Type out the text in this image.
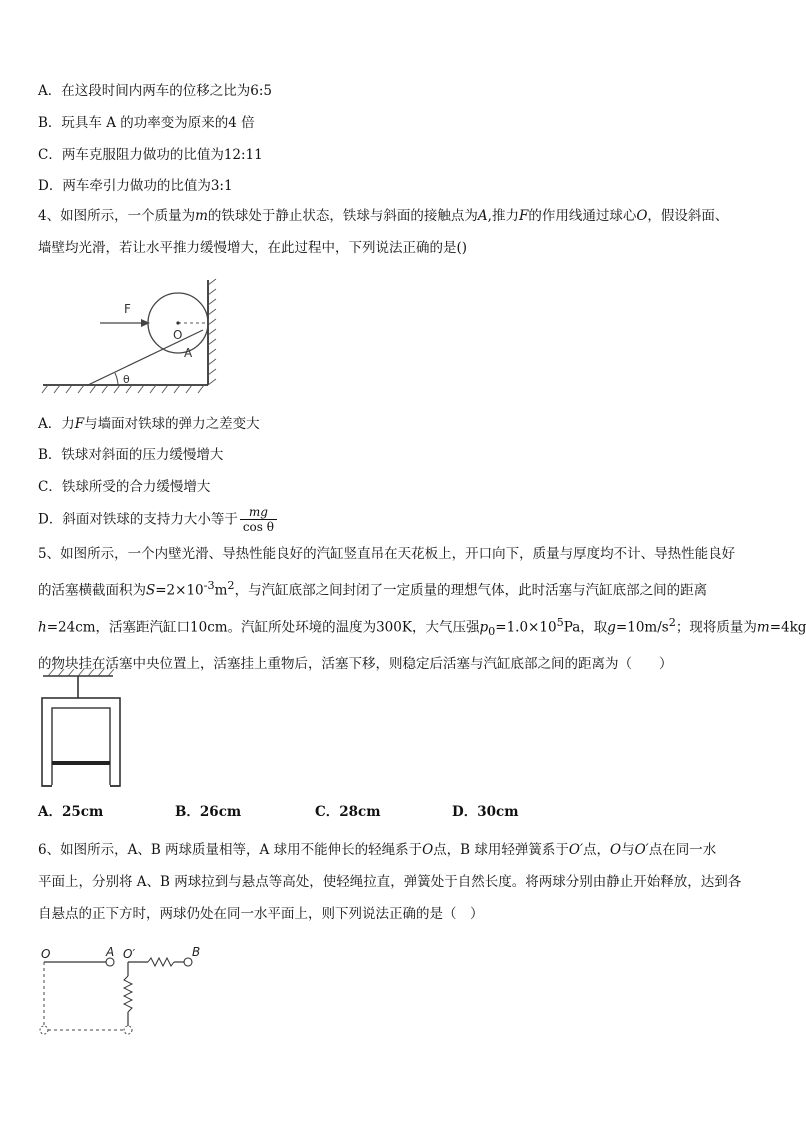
A．在这段时间内两车的位移之比为6:5
B．玩具车 A 的功率变为原来的4 倍
C．两车克服阻力做功的比值为12:11
D．两车牵引力做功的比值为3:1
4、如图所示，一个质量为m的铁球处于静止状态，铁球与斜面的接触点为A,推力F的作用线通过球心O，假设斜面、
墙壁均光滑，若让水平推力缓慢增大，在此过程中，下列说法正确的是()
F
O
A
θ
A．力F与墙面对铁球的弹力之差变大
B．铁球对斜面的压力缓慢增大
C．铁球所受的合力缓慢增大
D．斜面对铁球的支持力大小等于 $\frac{mg}{\text{cos θ}}$
5、如图所示，一个内壁光滑、导热性能良好的汽缸竖直吊在天花板上，开口向下，质量与厚度均不计、导热性能良好
的活塞横截面积为$S=2\times 10^{-3}m^2$，与汽缸底部之间封闭了一定质量的理想气体，此时活塞与汽缸底部之间的距离
h=24cm，活塞距汽缸口10cm。汽缸所处环境的温度为300K，大气压强$p_0=1.0\times 10^5Pa$，取$g=10m/s^2$；现将质量为m=4kg
的物块挂在活塞中央位置上，活塞挂上重物后，活塞下移，则稳定后活塞与汽缸底部之间的距离为（　　）
A．25cm	B．26cm	C．28cm	D．30cm
6、如图所示，A、B 两球质量相等，A 球用不能伸长的轻绳系于O点，B 球用轻弹簧系于O′点，O与O′点在同一水
平面上，分别将 A、B 两球拉到与悬点等高处，使轻绳拉直，弹簧处于自然长度。将两球分别由静止开始释放，达到各
自悬点的正下方时，两球仍处在同一水平面上，则下列说法正确的是（　）
O	A O′	B
